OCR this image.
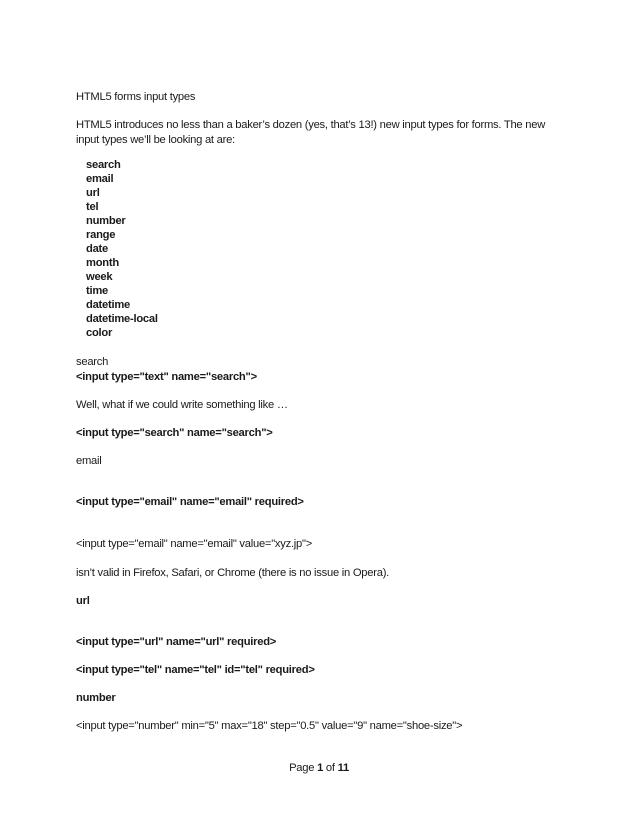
HTML5 forms input types
HTML5 introduces no less than a baker’s dozen (yes, that’s 13!) new input types for forms. The new
input types we’ll be looking at are:
search
email
url
tel
number
range
date
month
week
time
datetime
datetime-local
color
search
<input type="text" name="search">
Well, what if we could write something like …
<input type="search" name="search">
email
<input type="email" name="email" required>
<input type="email" name="email" value="xyz.jp">
isn’t valid in Firefox, Safari, or Chrome (there is no issue in Opera).
url
<input type="url" name="url" required>
<input type="tel" name="tel" id="tel" required>
number
<input type="number" min="5" max="18" step="0.5" value="9" name="shoe-size">
Page 1 of 11
